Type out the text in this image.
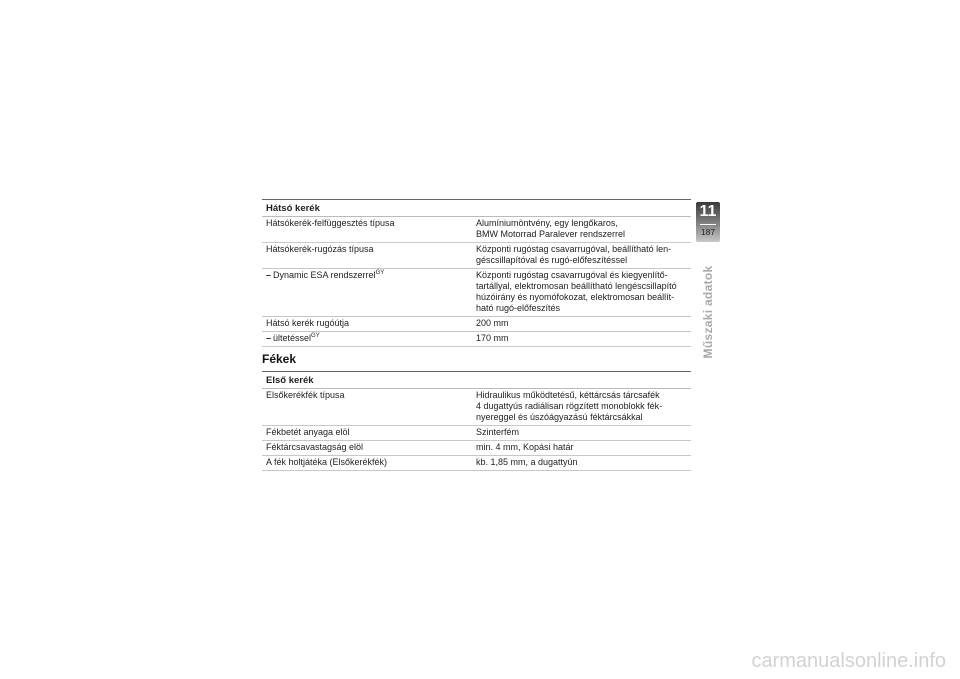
Hátsó kerék
Hátsókerék-felfüggesztés típusa	Alumíniumöntvény, egy lengőkaros,
BMW Motorrad Paralever rendszerrel
Hátsókerék-rugózás típusa	Központi rugóstag csavarrugóval, beállítható len-
géscsillapítóval és rugó-előfeszítéssel
– Dynamic ESA rendszerrel$^{GY}$	Központi rugóstag csavarrugóval és kiegyenlítő-
tartállyal, elektromosan beállítható lengéscsillapító
húzóirány és nyomófokozat, elektromosan beállít-
ható rugó-előfeszítés
Hátsó kerék rugóútja	200 mm
– ültetéssel$^{GY}$	170 mm
Fékek
Első kerék
Elsőkerékfék típusa	Hidraulikus működtetésű, kéttárcsás tárcsafék
4 dugattyús radiálisan rögzített monoblokk fék-
nyereggel és úszóágyazású féktárcsákkal
Fékbetét anyaga elöl	Szinterfém
Féktárcsavastagság elöl	min. 4 mm, Kopási határ
A fék holtjátéka (Elsőkerékfék)	kb. 1,85 mm, a dugattyún
11
187
Műszaki adatok
carmanualsonline.info
